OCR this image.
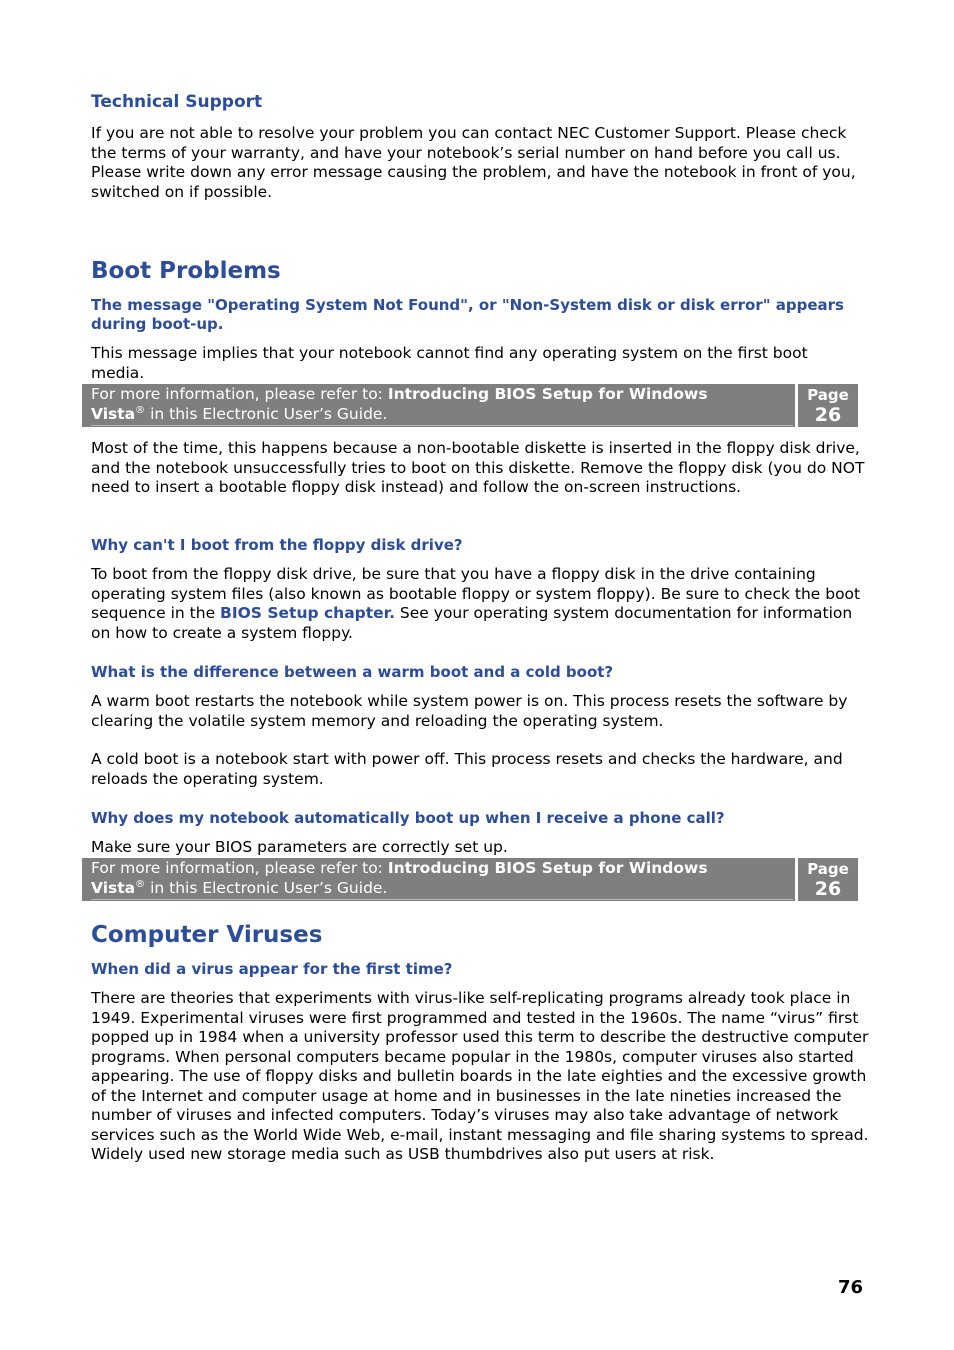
Technical Support
If you are not able to resolve your problem you can contact NEC Customer Support. Please check the terms of your warranty, and have your notebook’s serial number on hand before you call us. Please write down any error message causing the problem, and have the notebook in front of you, switched on if possible.
Boot Problems
The message "Operating System Not Found", or "Non-System disk or disk error" appears during boot-up.
This message implies that your notebook cannot find any operating system on the first boot media.
For more information, please refer to: Introducing BIOS Setup for Windows
Vista® in this Electronic User’s Guide.
Page
26
Most of the time, this happens because a non-bootable diskette is inserted in the floppy disk drive, and the notebook unsuccessfully tries to boot on this diskette. Remove the floppy disk (you do NOT need to insert a bootable floppy disk instead) and follow the on-screen instructions.
Why can't I boot from the floppy disk drive?
To boot from the floppy disk drive, be sure that you have a floppy disk in the drive containing operating system files (also known as bootable floppy or system floppy). Be sure to check the boot sequence in the BIOS Setup chapter. See your operating system documentation for information on how to create a system floppy.
What is the difference between a warm boot and a cold boot?
A warm boot restarts the notebook while system power is on. This process resets the software by clearing the volatile system memory and reloading the operating system.
A cold boot is a notebook start with power off. This process resets and checks the hardware, and reloads the operating system.
Why does my notebook automatically boot up when I receive a phone call?
Make sure your BIOS parameters are correctly set up.
For more information, please refer to: Introducing BIOS Setup for Windows
Vista® in this Electronic User’s Guide.
Page
26
Computer Viruses
When did a virus appear for the first time?
There are theories that experiments with virus-like self-replicating programs already took place in 1949. Experimental viruses were first programmed and tested in the 1960s. The name “virus” first popped up in 1984 when a university professor used this term to describe the destructive computer programs. When personal computers became popular in the 1980s, computer viruses also started appearing. The use of floppy disks and bulletin boards in the late eighties and the excessive growth of the Internet and computer usage at home and in businesses in the late nineties increased the number of viruses and infected computers. Today’s viruses may also take advantage of network services such as the World Wide Web, e-mail, instant messaging and file sharing systems to spread. Widely used new storage media such as USB thumbdrives also put users at risk.
76
